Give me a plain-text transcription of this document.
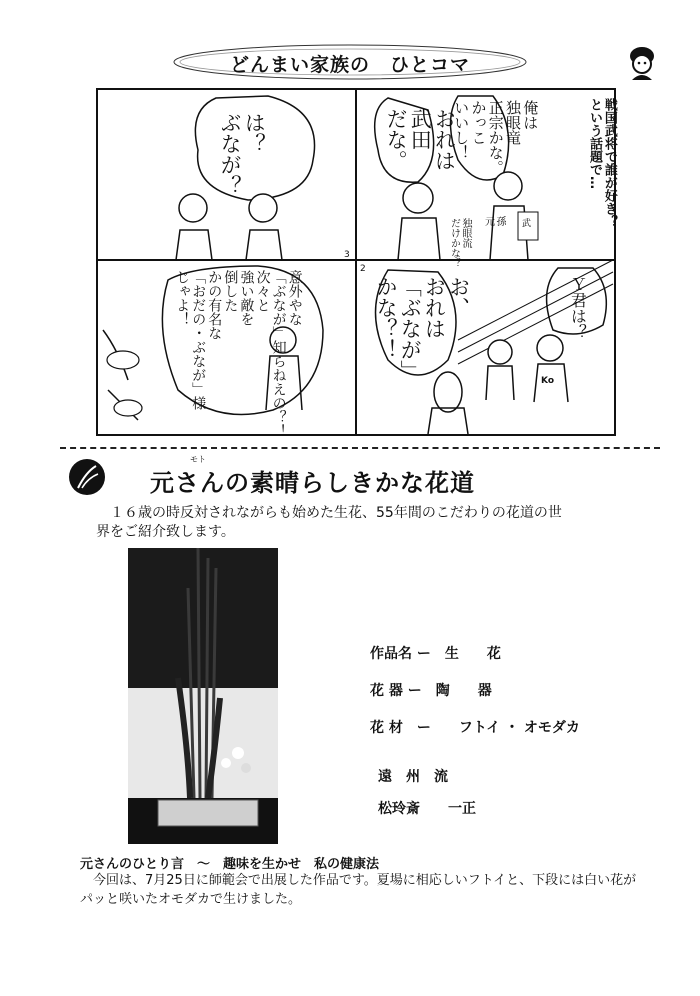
どんまい家族の　ひとコマ
戦国武将で誰が好き？
という話題で…
は？
ぶなが？	おれは
武田
だな。	俺は
独眼竜
正宗かな。
かっこ
いいし！
孫
元
独眼流
だけかな？	武
2
Ｙ君は？
お、
おれは
「ぶなが」
かな？！
Ko
3
意外やな
「ぶなが」知らねえの？！
次々と
強い敵を
倒した
かの有名な
「おだの・ぶなが」様
じゃよ！
モト
元さんの素晴らしきかな花道
　１６歳の時反対されながらも始めた生花、55年間のこだわりの花道の世界をご紹介致します。
作品名 ー　生　　花
花 器 ー　陶　　器
花 材　ー　　フトイ ・ オモダカ
遠　州　流
松玲斎　　一正
元さんのひとり言　～　趣味を生かせ　私の健康法
　今回は、7月25日に師範会で出展した作品です。夏場に相応しいフトイと、下段には白い花がパッと咲いたオモダカで生けました。
